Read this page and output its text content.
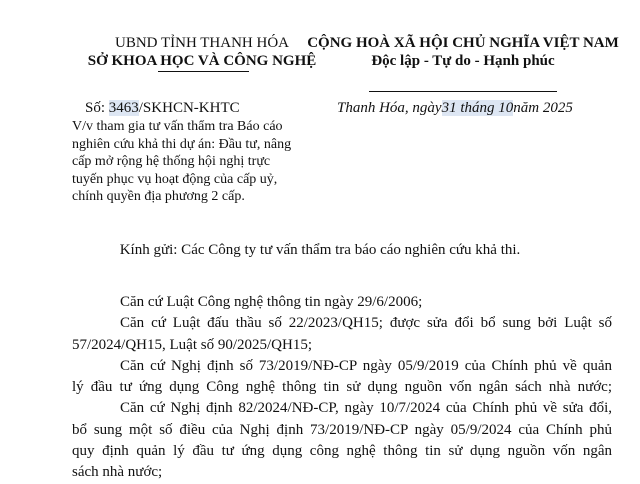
UBND TỈNH THANH HÓA
SỞ KHOA HỌC VÀ CÔNG NGHỆ
CỘNG HOÀ XÃ HỘI CHỦ NGHĨA VIỆT NAM
Độc lập - Tự do - Hạnh phúc
Số: 3463/SKHCN-KHTC	Thanh Hóa, ngày31 tháng 10năm 2025
V/v tham gia tư vấn thẩm tra Báo cáo
nghiên cứu khả thi dự án: Đầu tư, nâng
cấp mở rộng hệ thống hội nghị trực
tuyến phục vụ hoạt động của cấp uỷ,
chính quyền địa phương 2 cấp.
Kính gửi: Các Công ty tư vấn thẩm tra báo cáo nghiên cứu khả thi.
Căn cứ Luật Công nghệ thông tin ngày 29/6/2006;
Căn cứ Luật đấu thầu số 22/2023/QH15; được sửa đổi bổ sung bởi Luật số
57/2024/QH15, Luật số 90/2025/QH15;
Căn cứ Nghị định số 73/2019/NĐ-CP ngày 05/9/2019 của Chính phủ về quản
lý đầu tư ứng dụng Công nghệ thông tin sử dụng nguồn vốn ngân sách nhà nước;
Căn cứ Nghị định 82/2024/NĐ-CP, ngày 10/7/2024 của Chính phủ về sửa đổi,
bổ sung một số điều của Nghị định 73/2019/NĐ-CP ngày 05/9/2024 của Chính phủ
quy định quản lý đầu tư ứng dụng công nghệ thông tin sử dụng nguồn vốn ngân
sách nhà nước;
